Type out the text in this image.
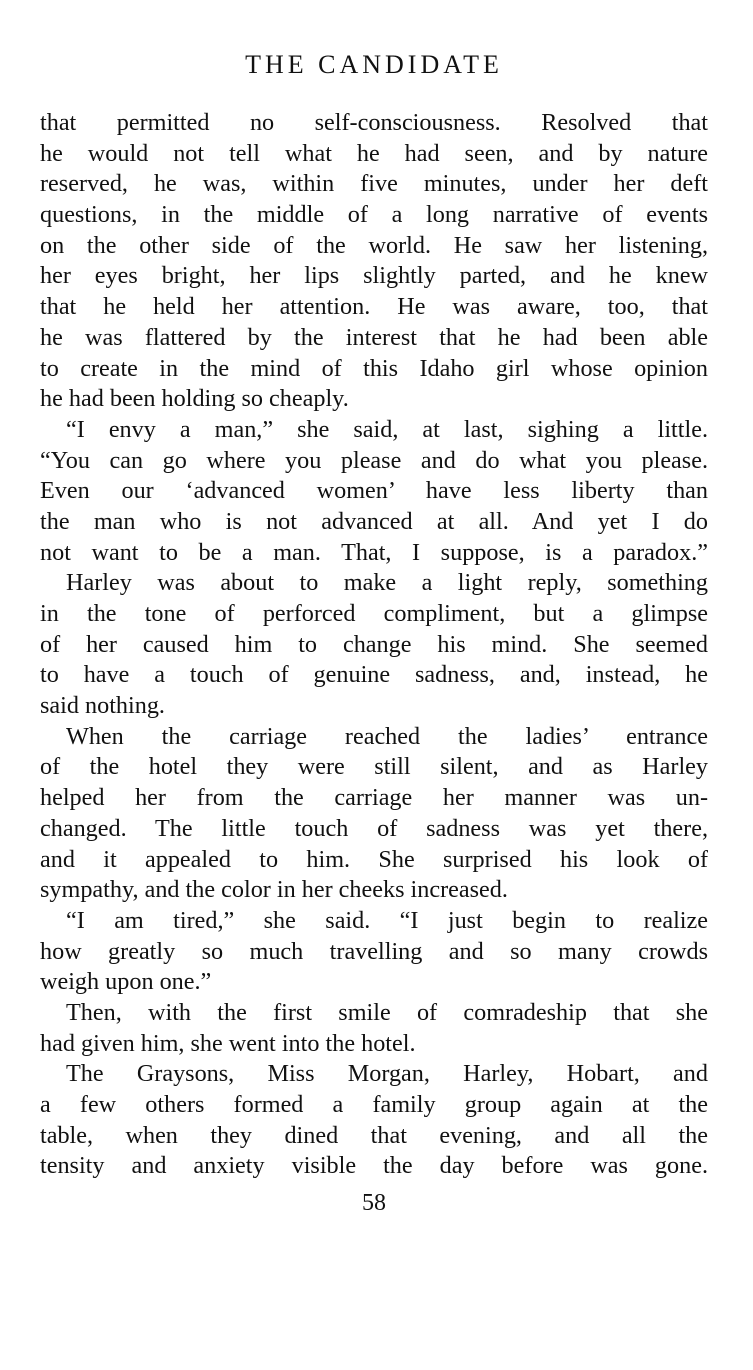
THE CANDIDATE
that permitted no self-consciousness. Resolved that
he would not tell what he had seen, and by nature
reserved, he was, within five minutes, under her deft
questions, in the middle of a long narrative of events
on the other side of the world. He saw her listening,
her eyes bright, her lips slightly parted, and he knew
that he held her attention. He was aware, too, that
he was flattered by the interest that he had been able
to create in the mind of this Idaho girl whose opinion
he had been holding so cheaply.
“I envy a man,” she said, at last, sighing a little.
“You can go where you please and do what you please.
Even our ‘advanced women’ have less liberty than
the man who is not advanced at all. And yet I do
not want to be a man. That, I suppose, is a paradox.”
Harley was about to make a light reply, something
in the tone of perforced compliment, but a glimpse
of her caused him to change his mind. She seemed
to have a touch of genuine sadness, and, instead, he
said nothing.
When the carriage reached the ladies’ entrance
of the hotel they were still silent, and as Harley
helped her from the carriage her manner was un-
changed. The little touch of sadness was yet there,
and it appealed to him. She surprised his look of
sympathy, and the color in her cheeks increased.
“I am tired,” she said. “I just begin to realize
how greatly so much travelling and so many crowds
weigh upon one.”
Then, with the first smile of comradeship that she
had given him, she went into the hotel.
The Graysons, Miss Morgan, Harley, Hobart, and
a few others formed a family group again at the
table, when they dined that evening, and all the
tensity and anxiety visible the day before was gone.
58
